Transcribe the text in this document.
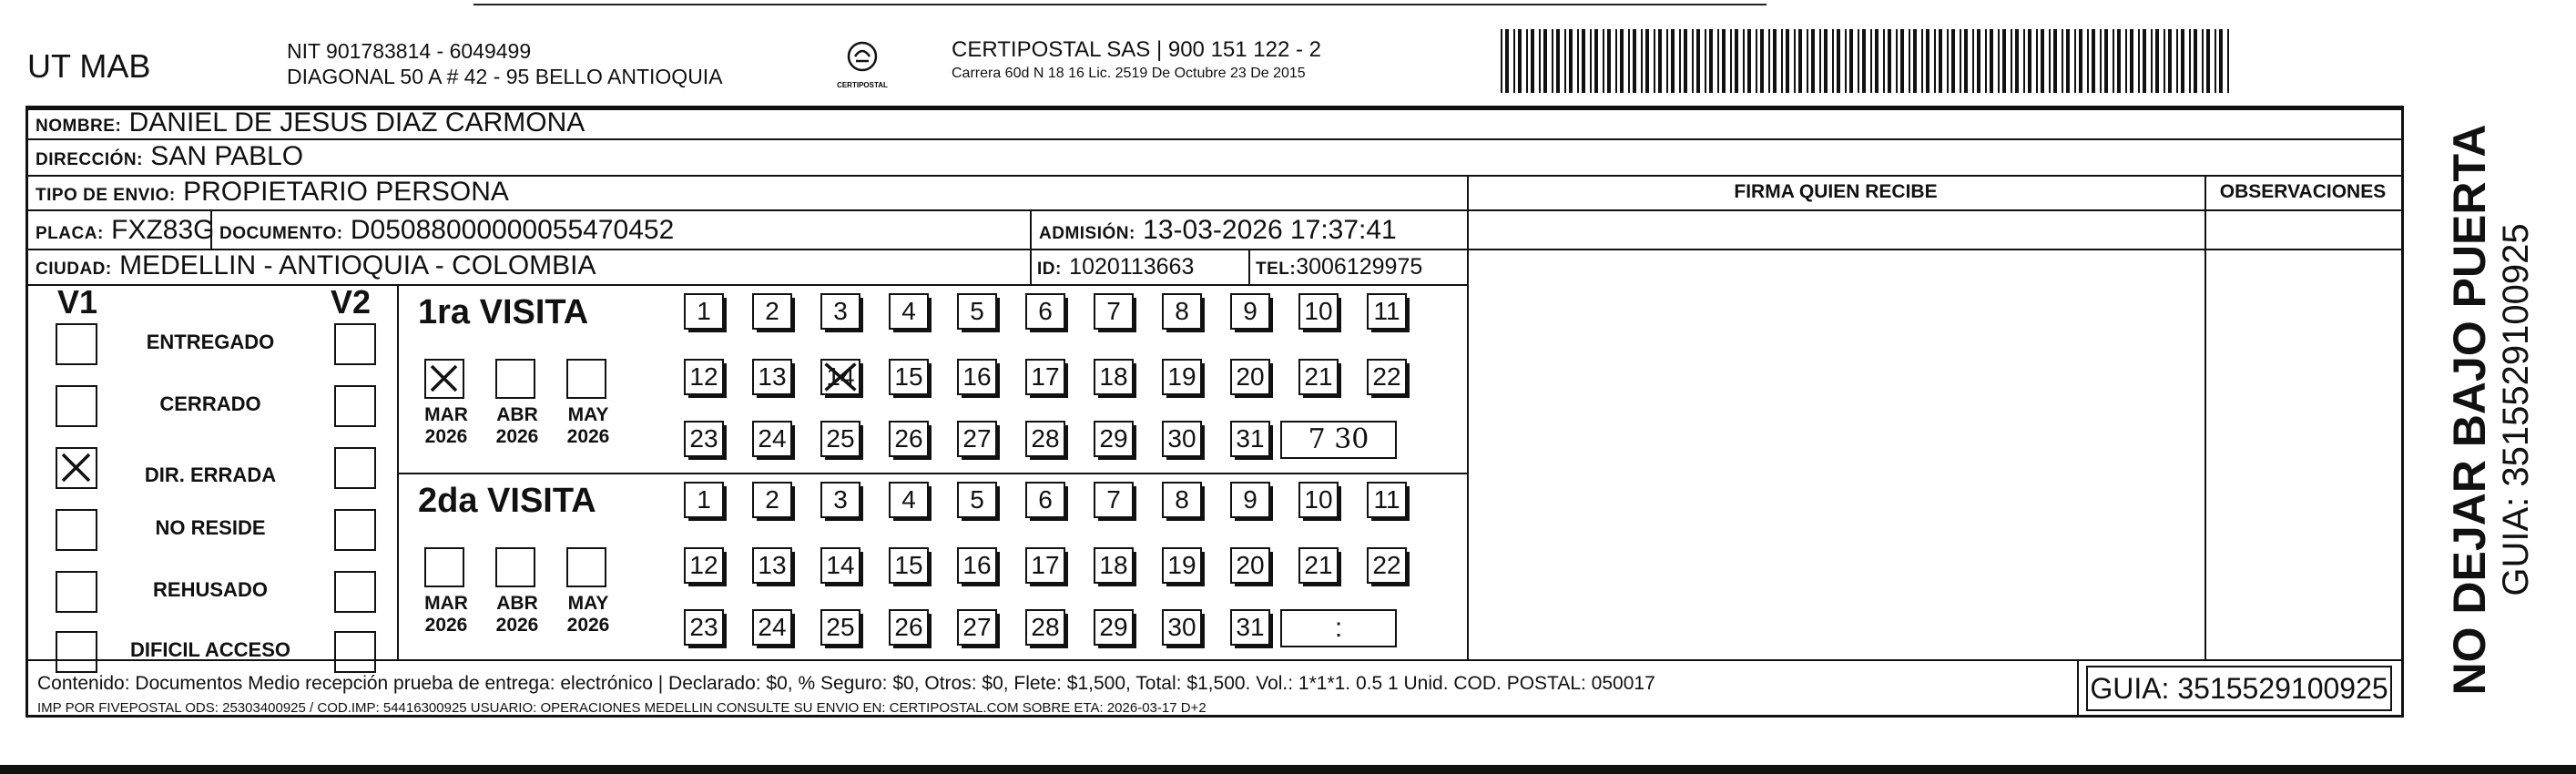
UT MAB	NIT 901783814 - 6049499
DIAGONAL 50 A # 42 - 95 BELLO ANTIOQUIA	CERTIPOSTAL
CERTIPOSTAL SAS | 900 151 122 - 2
Carrera 60d N 18 16 Lic. 2519 De Octubre 23 De 2015
NOMBRE: DANIEL DE JESUS DIAZ CARMONA
DIRECCIÓN: SAN PABLO
TIPO DE ENVIO: PROPIETARIO PERSONA	FIRMA QUIEN RECIBE	OBSERVACIONES
PLACA: FXZ83G DOCUMENTO: D05088000000055470452	ADMISIÓN: 13-03-2026 17:37:41
CIUDAD: MEDELLIN - ANTIOQUIA - COLOMBIA	ID: 1020113663	TEL:3006129975
V1	V2
ENTREGADO
CERRADO
DIR. ERRADA
NO RESIDE
REHUSADO
DIFICIL ACCESO
1ra VISITA
MAR
2026
ABR
2026
MAY
2026
1	2	3	4	5	6	7	8	9	10 11
12 13 14 15 16 17 18 19 20 21 22
23 24 25 26 27 28 29 30 31	7 30
2da VISITA
MAR
2026
ABR
2026
MAY
2026
1	2	3	4	5	6	7	8	9	10 11
12 13 14 15 16 17 18 19 20 21 22
23 24 25 26 27 28 29 30 31	:
Contenido: Documentos Medio recepción prueba de entrega: electrónico | Declarado: $0, % Seguro: $0, Otros: $0, Flete: $1,500, Total: $1,500. Vol.: 1*1*1. 0.5 1 Unid. COD. POSTAL: 050017
IMP POR FIVEPOSTAL ODS: 25303400925 / COD.IMP: 54416300925 USUARIO: OPERACIONES MEDELLIN CONSULTE SU ENVIO EN: CERTIPOSTAL.COM SOBRE ETA: 2026-03-17 D+2
GUIA: 3515529100925 NO DEJAR BAJO PUERTA GUIA: 3515529100925
